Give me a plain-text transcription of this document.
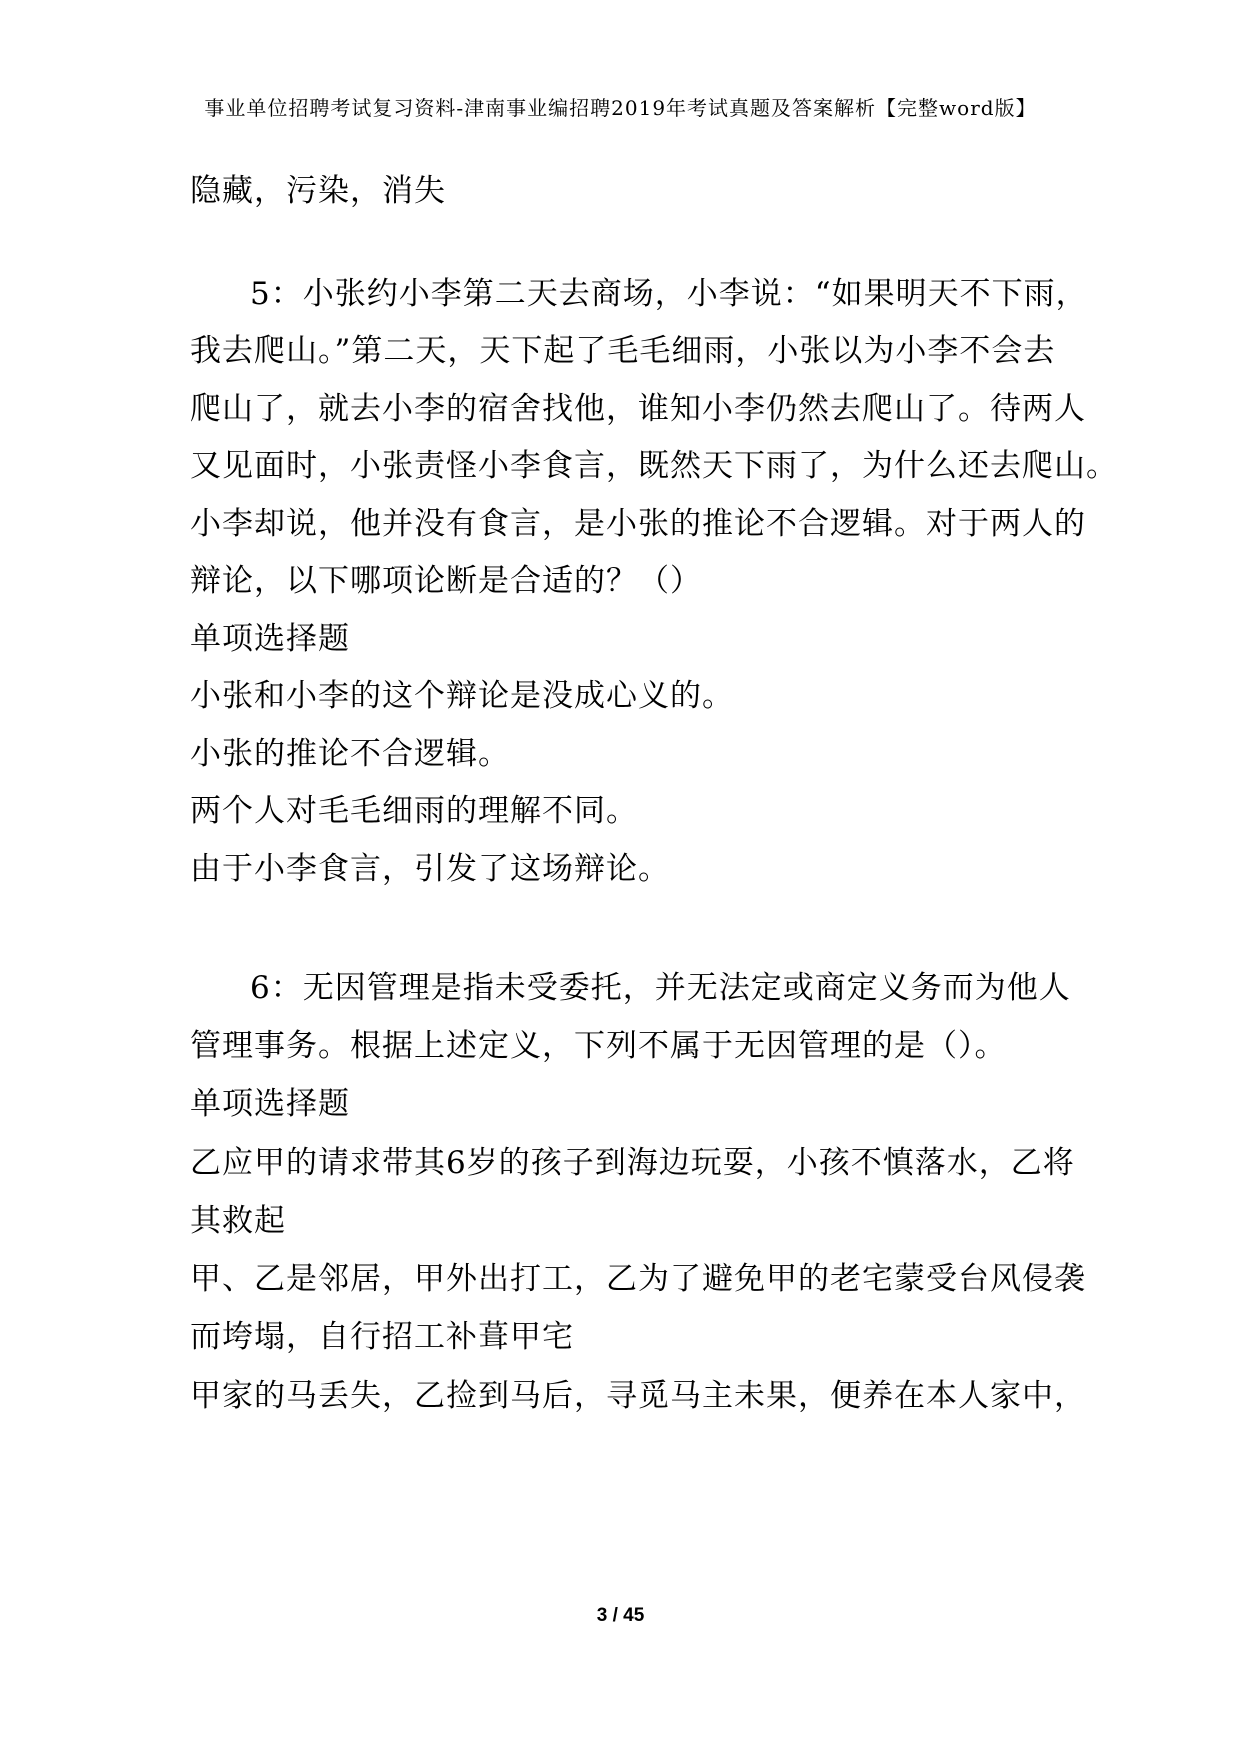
事业单位招聘考试复习资料-津南事业编招聘2019年考试真题及答案解析【完整word版】
隐藏，污染，消失
5：小张约小李第二天去商场，小李说：“如果明天不下雨，
我去爬山。”第二天，天下起了毛毛细雨，小张以为小李不会去
爬山了，就去小李的宿舍找他，谁知小李仍然去爬山了。待两人
又见面时，小张责怪小李食言，既然天下雨了，为什么还去爬山。
小李却说，他并没有食言，是小张的推论不合逻辑。对于两人的
辩论，以下哪项论断是合适的？（）
单项选择题
小张和小李的这个辩论是没成心义的。
小张的推论不合逻辑。
两个人对毛毛细雨的理解不同。
由于小李食言，引发了这场辩论。
6：无因管理是指未受委托，并无法定或商定义务而为他人
管理事务。根据上述定义，下列不属于无因管理的是（）。
单项选择题
乙应甲的请求带其6岁的孩子到海边玩耍，小孩不慎落水，乙将
其救起
甲、乙是邻居，甲外出打工，乙为了避免甲的老宅蒙受台风侵袭
而垮塌，自行招工补葺甲宅
甲家的马丢失，乙捡到马后，寻觅马主未果，便养在本人家中，
3 / 45
